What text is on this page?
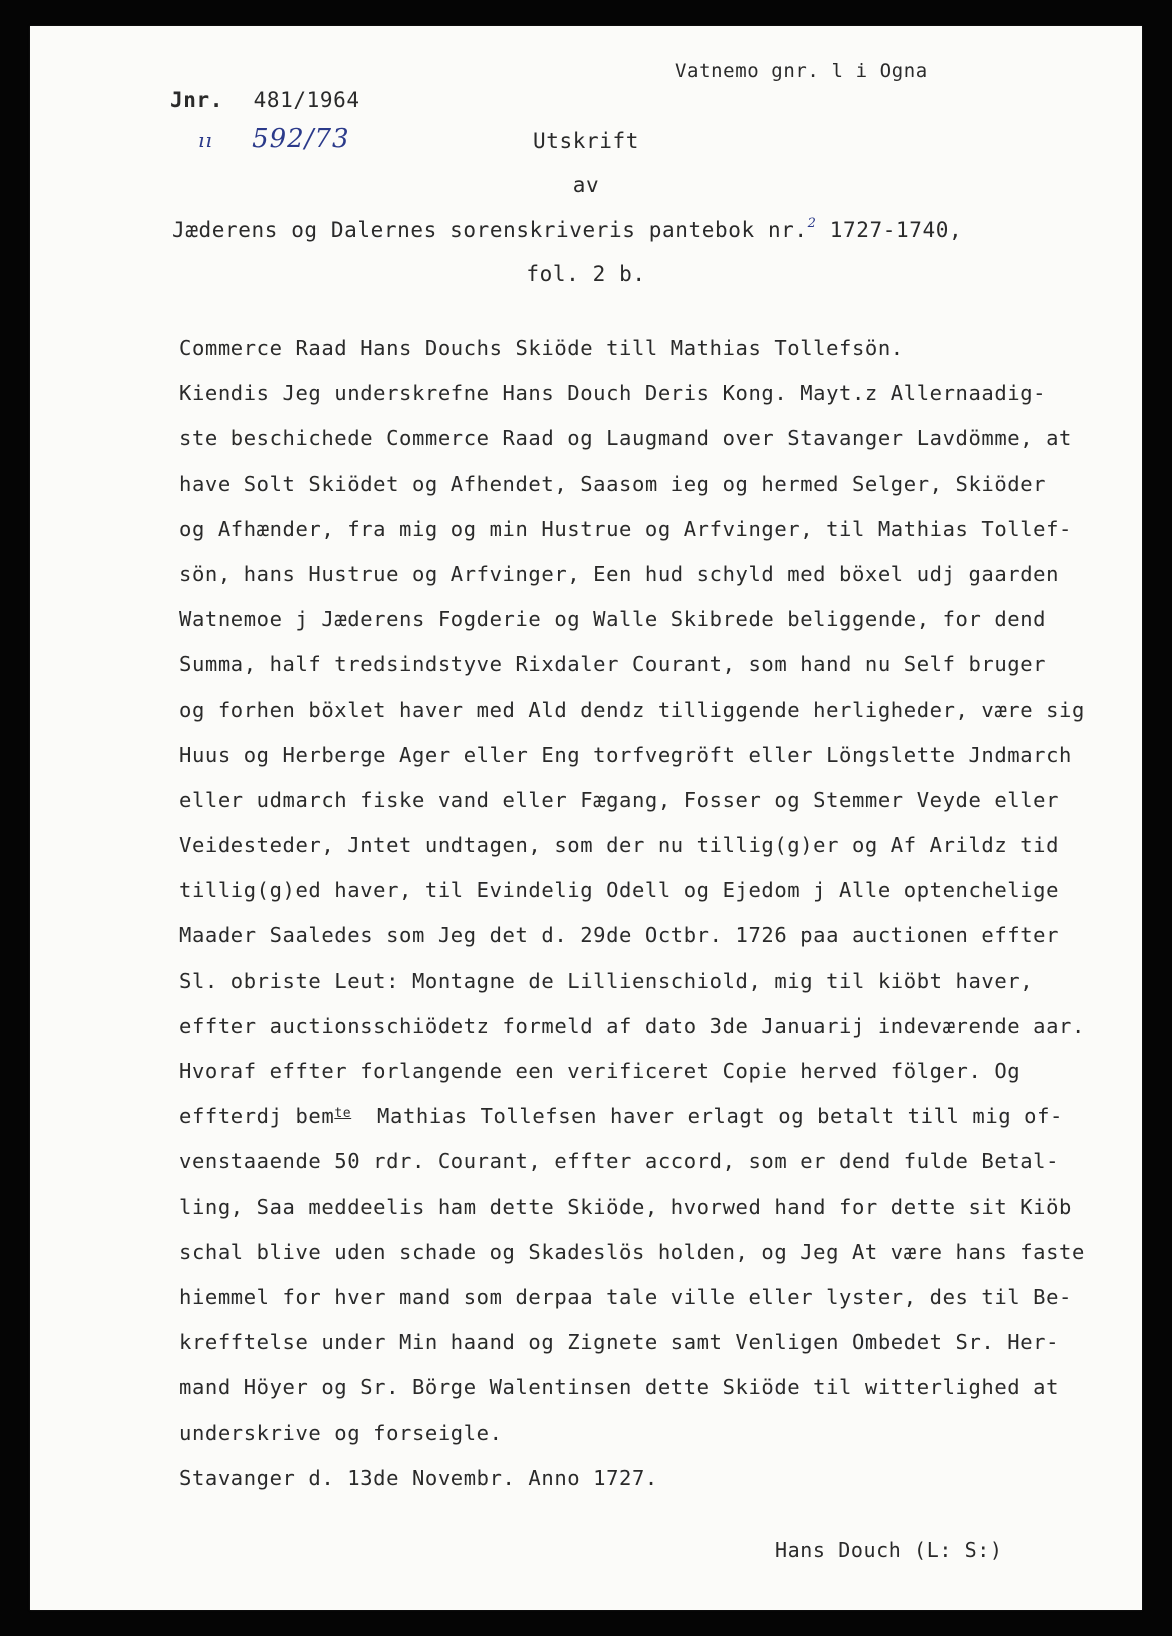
Vatnemo gnr. l i Ogna
Jnr. 481/1964
ıı 592/73	Utskrift
av
Jæderens og Dalernes sorenskriveris pantebok nr.$^2$ 1727-1740,
fol. 2 b.
Commerce Raad Hans Douchs Skiöde till Mathias Tollefsön.
Kiendis Jeg underskrefne Hans Douch Deris Kong. Mayt.z Allernaadig-
ste beschichede Commerce Raad og Laugmand over Stavanger Lavdömme, at
have Solt Skiödet og Afhendet, Saasom ieg og hermed Selger, Skiöder
og Afhænder, fra mig og min Hustrue og Arfvinger, til Mathias Tollef-
sön, hans Hustrue og Arfvinger, Een hud schyld med böxel udj gaarden
Watnemoe j Jæderens Fogderie og Walle Skibrede beliggende, for dend
Summa, half tredsindstyve Rixdaler Courant, som hand nu Self bruger
og forhen böxlet haver med Ald dendz tilliggende herligheder, være sig
Huus og Herberge Ager eller Eng torfvegröft eller Löngslette Jndmarch
eller udmarch fiske vand eller Fægang, Fosser og Stemmer Veyde eller
Veidesteder, Jntet undtagen, som der nu tillig(g)er og Af Arildz tid
tillig(g)ed haver, til Evindelig Odell og Ejedom j Alle optenchelige
Maader Saaledes som Jeg det d. 29de Octbr. 1726 paa auctionen effter
Sl. obriste Leut: Montagne de Lillienschiold, mig til kiöbt haver,
effter auctionsschiödetz formeld af dato 3de Januarij indeværende aar.
Hvoraf effter forlangende een verificeret Copie herved fölger. Og
effterdj bem$^{te}$  Mathias Tollefsen haver erlagt og betalt till mig of-
venstaaende 50 rdr. Courant, effter accord, som er dend fulde Betal-
ling, Saa meddeelis ham dette Skiöde, hvorwed hand for dette sit Kiöb
schal blive uden schade og Skadeslös holden, og Jeg At være hans faste
hiemmel for hver mand som derpaa tale ville eller lyster, des til Be-
krefftelse under Min haand og Zignete samt Venligen Ombedet Sr. Her-
mand Höyer og Sr. Börge Walentinsen dette Skiöde til witterlighed at
underskrive og forseigle.
Stavanger d. 13de Novembr. Anno 1727.
Hans Douch (L: S:)
